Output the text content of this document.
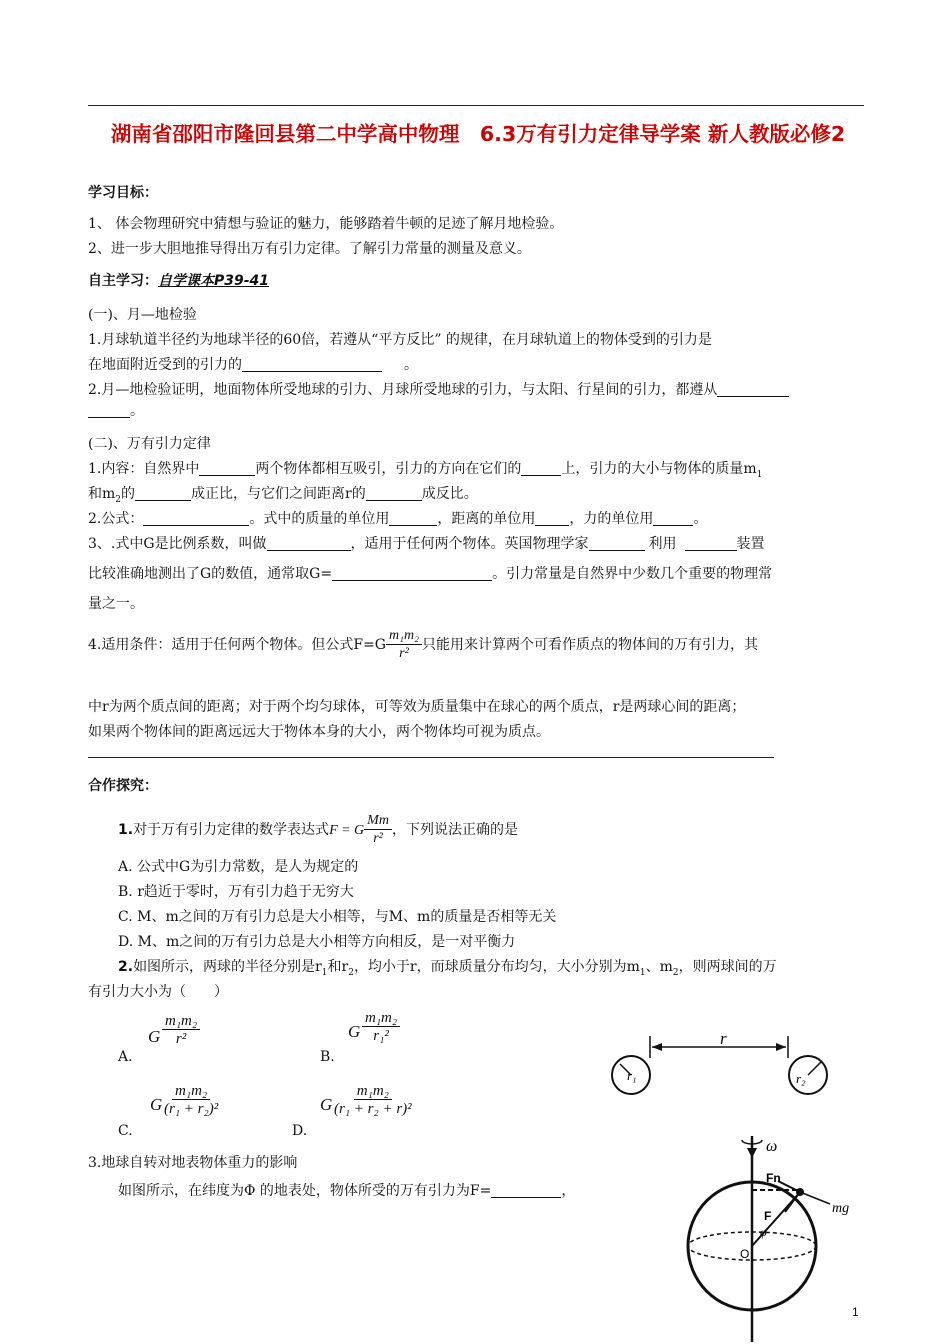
湖南省邵阳市隆回县第二中学高中物理　6.3万有引力定律导学案 新人教版必修2
学习目标：
1、 体会物理研究中猜想与验证的魅力，能够踏着牛顿的足迹了解月地检验。
2、进一步大胆地推导得出万有引力定律。了解引力常量的测量及意义。
自主学习：自学课本P39-41
(一)、月—地检验
1.月球轨道半径约为地球半径的60倍，若遵从“平方反比” 的规律，在月球轨道上的物体受到的引力是
在地面附近受到的引力的	。
2.月—地检验证明，地面物体所受地球的引力、月球所受地球的引力，与太阳、行星间的引力，都遵从
。
(二)、万有引力定律
1.内容：自然界中	两个物体都相互吸引，引力的方向在它们的	上，引力的大小与物体的质量$m_1$
和$m_2$的	成正比，与它们之间距离r的	成反比。
2.公式：	。式中的质量的单位用	，距离的单位用 ，力的单位用	。
3、.式中G是比例系数，叫做	，适用于任何两个物体。英国物理学家	利用	装置
比较准确地测出了G的数值，通常取G=	。引力常量是自然界中少数几个重要的物理常
量之一。
4.适用条件：适用于任何两个物体。但公式$F=G \frac{\text{m₁m₂}}{\text{r²}}$ 只能用来计算两个可看作质点的物体间的万有引力，其
中r为两个质点间的距离；对于两个均匀球体，可等效为质量集中在球心的两个质点，r是两球心间的距离；
如果两个物体间的距离远远大于物体本身的大小，两个物体均可视为质点。
合作探究：
1.对于万有引力定律的数学表达式F = G $\frac{Mm}{\text{r²}}$ ，下列说法正确的是
A. 公式中G为引力常数，是人为规定的
B. r趋近于零时，万有引力趋于无穷大
C. M、m之间的万有引力总是大小相等，与M、m的质量是否相等无关
D. M、m之间的万有引力总是大小相等方向相反，是一对平衡力
2.如图所示，两球的半径分别是$r_1$和$r_2$，均小于r，而球质量分布均匀，大小分别为$m_1$、$m_2$，则两球间的万
有引力大小为（　　）
G $\frac{\text{m₁m₂}}{\text{r²}}$
A.
G $\frac{\text{m₁m₂}}{\text{r₁²}}$
B.
G $\frac{\text{m₁m₂}}{\text{(r₁ + r₂)²}}$
C.
G $\frac{\text{m₁m₂}}{\text{(r₁ + r₂ + r)²}}$
D.
r₁	r₂
r
3.地球自转对地表物体重力的影响
如图所示，在纬度为Φ 的地表处，物体所受的万有引力为F=	，
ω
Fn
F	mg
φ
O
1
